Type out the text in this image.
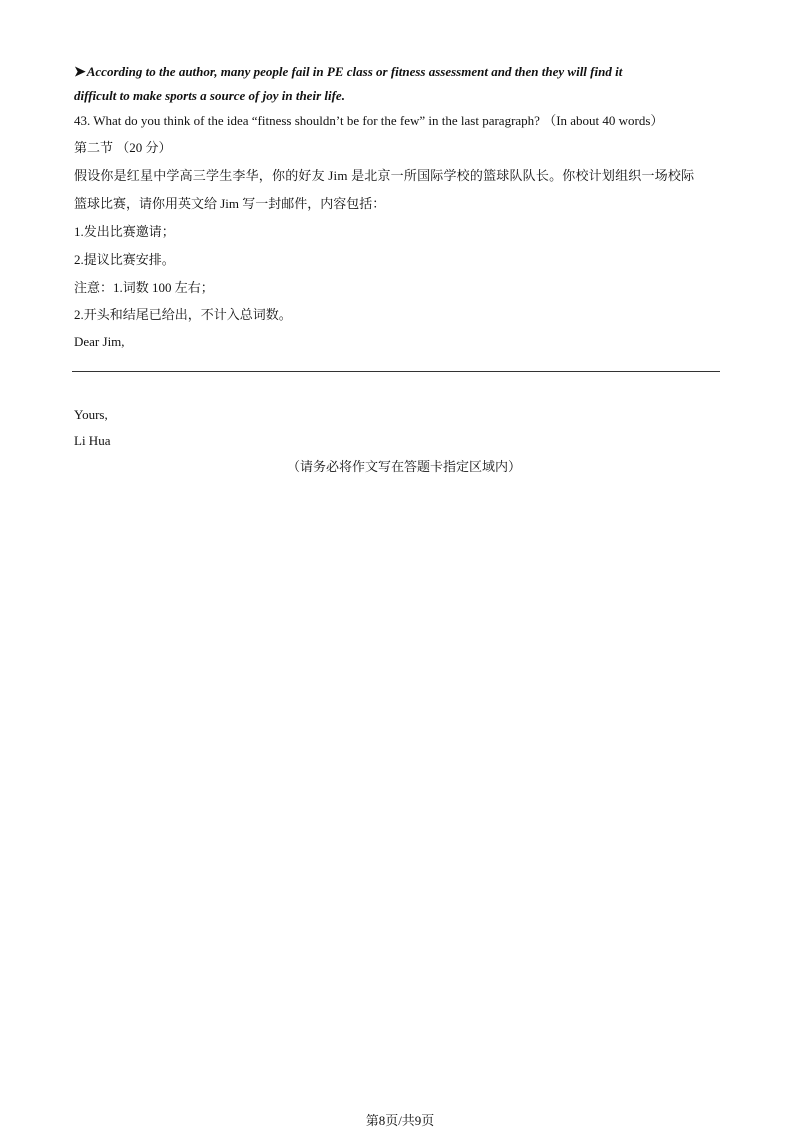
➤According to the author, many people fail in PE class or fitness assessment and then they will find it
difficult to make sports a source of joy in their life.
43. What do you think of the idea “fitness shouldn’t be for the few” in the last paragraph? （In about 40 words）
第二节 （20 分）
假设你是红星中学高三学生李华，你的好友 Jim 是北京一所国际学校的篮球队队长。你校计划组织一场校际
篮球比赛，请你用英文给 Jim 写一封邮件，内容包括：
1.发出比赛邀请；
2.提议比赛安排。
注意：1.词数 100 左右；
2.开头和结尾已给出，不计入总词数。
Dear Jim,
Yours,
Li Hua
（请务必将作文写在答题卡指定区域内）
第8页/共9页
